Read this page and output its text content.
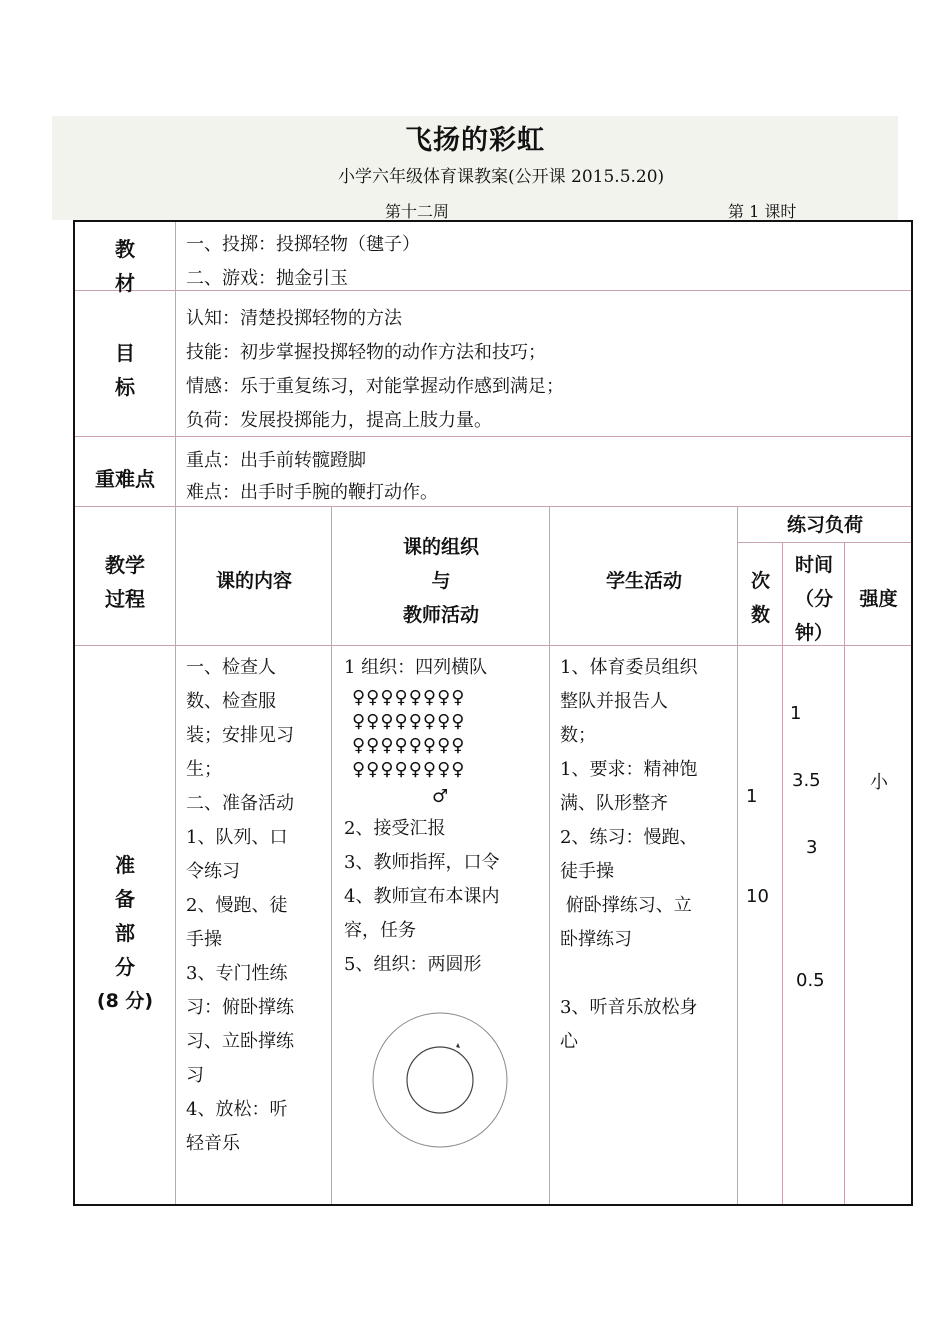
飞扬的彩虹
小学六年级体育课教案(公开课 2015.5.20)
第十二周	第 1 课时
教
材
一、投掷：投掷轻物（毽子）
二、游戏：抛金引玉
目
标
认知：清楚投掷轻物的方法
技能：初步掌握投掷轻物的动作方法和技巧；
情感：乐于重复练习，对能掌握动作感到满足；
负荷：发展投掷能力，提高上肢力量。
重难点
重点：出手前转髋蹬脚
难点：出手时手腕的鞭打动作。
教学
过程
课的内容
课的组织
与
教师活动
学生活动
练习负荷
次
数
时间
（分
钟）
强度
准
备
部
分
(8 分)
一、检查人
数、检查服
装；安排见习
生；
二、准备活动
1、队列、口
令练习
2、慢跑、徒
手操
3、专门性练
习：俯卧撑练
习、立卧撑练
习
4、放松：听
轻音乐
1 组织：四列横队
♀♀♀♀♀♀♀♀
♀♀♀♀♀♀♀♀
♀♀♀♀♀♀♀♀
♀♀♀♀♀♀♀♀
♂
2、接受汇报
3、教师指挥，口令
4、教师宣布本课内
容，任务
5、组织：两圆形
1、体育委员组织
整队并报告人
数；
1、要求：精神饱
满、队形整齐
2、练习：慢跑、
徒手操
俯卧撑练习、立
卧撑练习
3、听音乐放松身
心
1
10
1
3.5
3
0.5
小
